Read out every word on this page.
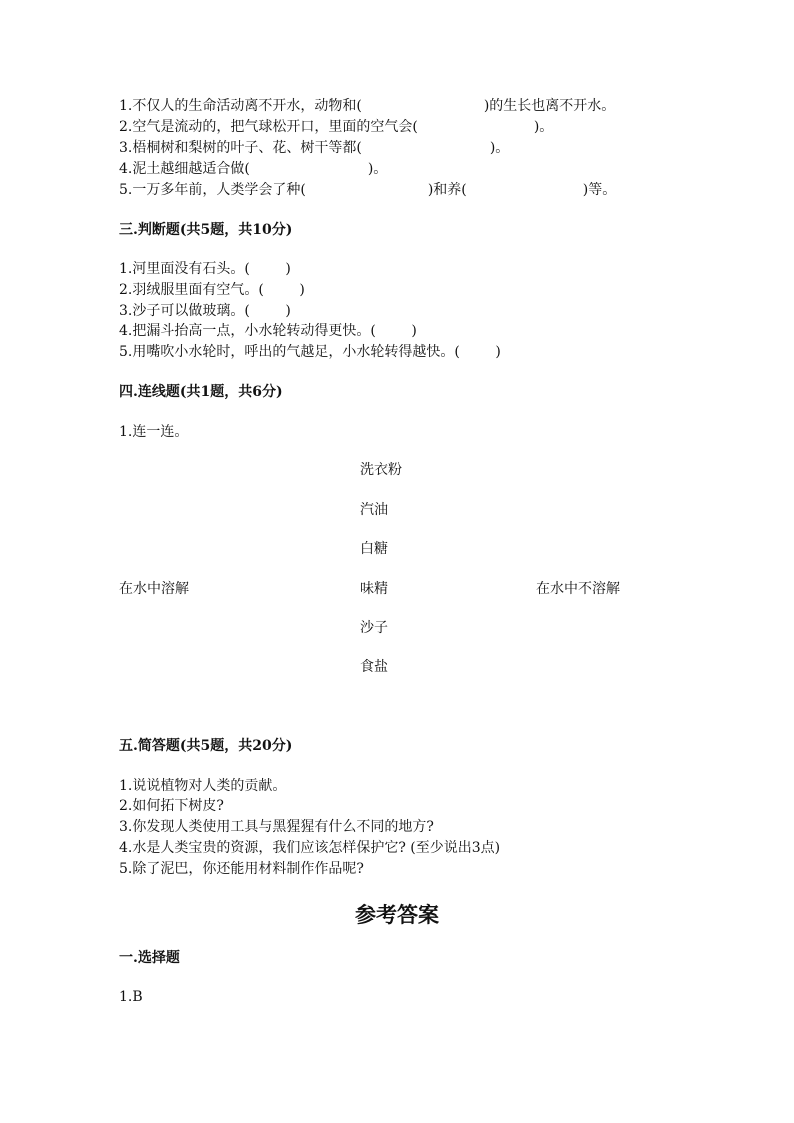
1.不仅人的生命活动离不开水，动物和(	)的生长也离不开水。
2.空气是流动的，把气球松开口，里面的空气会(	)。
3.梧桐树和梨树的叶子、花、树干等都(	)。
4.泥土越细越适合做(	)。
5.一万多年前，人类学会了种(	)和养(	)等。
三.判断题(共5题，共10分)
1.河里面没有石头。(        )
2.羽绒服里面有空气。(        )
3.沙子可以做玻璃。(        )
4.把漏斗抬高一点，小水轮转动得更快。(        )
5.用嘴吹小水轮时，呼出的气越足，小水轮转得越快。(        )
四.连线题(共1题，共6分)
1.连一连。
洗衣粉
汽油
白糖
味精
沙子
食盐
在水中溶解	在水中不溶解
五.简答题(共5题，共20分)
1.说说植物对人类的贡献。
2.如何拓下树皮?
3.你发现人类使用工具与黑猩猩有什么不同的地方?
4.水是人类宝贵的资源，我们应该怎样保护它? (至少说出3点)
5.除了泥巴，你还能用材料制作作品呢?
参考答案
一.选择题
1.B
